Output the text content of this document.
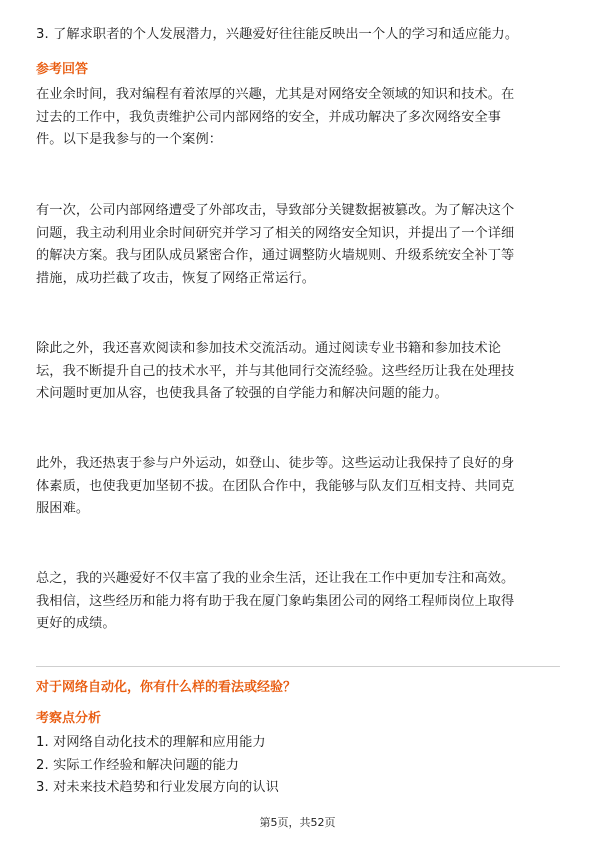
3. 了解求职者的个人发展潜力，兴趣爱好往往能反映出一个人的学习和适应能力。
参考回答
在业余时间，我对编程有着浓厚的兴趣，尤其是对网络安全领域的知识和技术。在
过去的工作中，我负责维护公司内部网络的安全，并成功解决了多次网络安全事
件。以下是我参与的一个案例：
有一次，公司内部网络遭受了外部攻击，导致部分关键数据被篡改。为了解决这个
问题，我主动利用业余时间研究并学习了相关的网络安全知识，并提出了一个详细
的解决方案。我与团队成员紧密合作，通过调整防火墙规则、升级系统安全补丁等
措施，成功拦截了攻击，恢复了网络正常运行。
除此之外，我还喜欢阅读和参加技术交流活动。通过阅读专业书籍和参加技术论
坛，我不断提升自己的技术水平，并与其他同行交流经验。这些经历让我在处理技
术问题时更加从容，也使我具备了较强的自学能力和解决问题的能力。
此外，我还热衷于参与户外运动，如登山、徒步等。这些运动让我保持了良好的身
体素质，也使我更加坚韧不拔。在团队合作中，我能够与队友们互相支持、共同克
服困难。
总之，我的兴趣爱好不仅丰富了我的业余生活，还让我在工作中更加专注和高效。
我相信，这些经历和能力将有助于我在厦门象屿集团公司的网络工程师岗位上取得
更好的成绩。
对于网络自动化，你有什么样的看法或经验？
考察点分析
1. 对网络自动化技术的理解和应用能力
2. 实际工作经验和解决问题的能力
3. 对未来技术趋势和行业发展方向的认识
第5页，共52页
